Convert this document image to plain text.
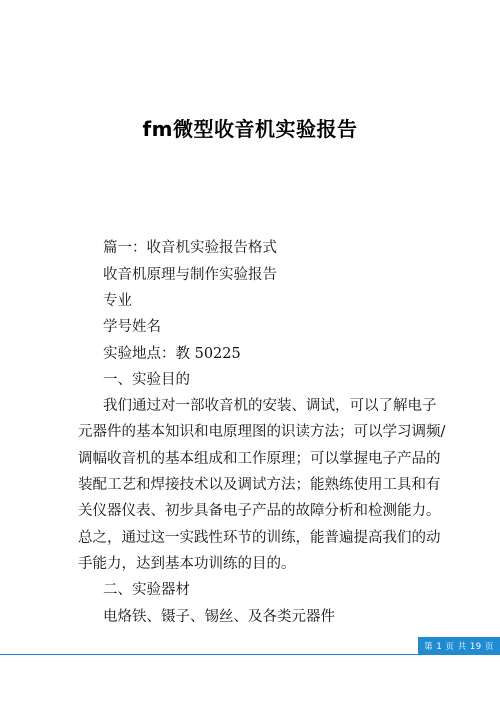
fm微型收音机实验报告
篇一：收音机实验报告格式
收音机原理与制作实验报告
专业
学号姓名
实验地点：教 50225
一、实验目的
我们通过对一部收音机的安装、调试，可以了解电子
元器件的基本知识和电原理图的识读方法；可以学习调频/
调幅收音机的基本组成和工作原理；可以掌握电子产品的
装配工艺和焊接技术以及调试方法；能熟练使用工具和有
关仪器仪表、初步具备电子产品的故障分析和检测能力。
总之，通过这一实践性环节的训练，能普遍提高我们的动
手能力，达到基本功训练的目的。
二、实验器材
电烙铁、镊子、锡丝、及各类元器件
第 1 页 共 19 页
